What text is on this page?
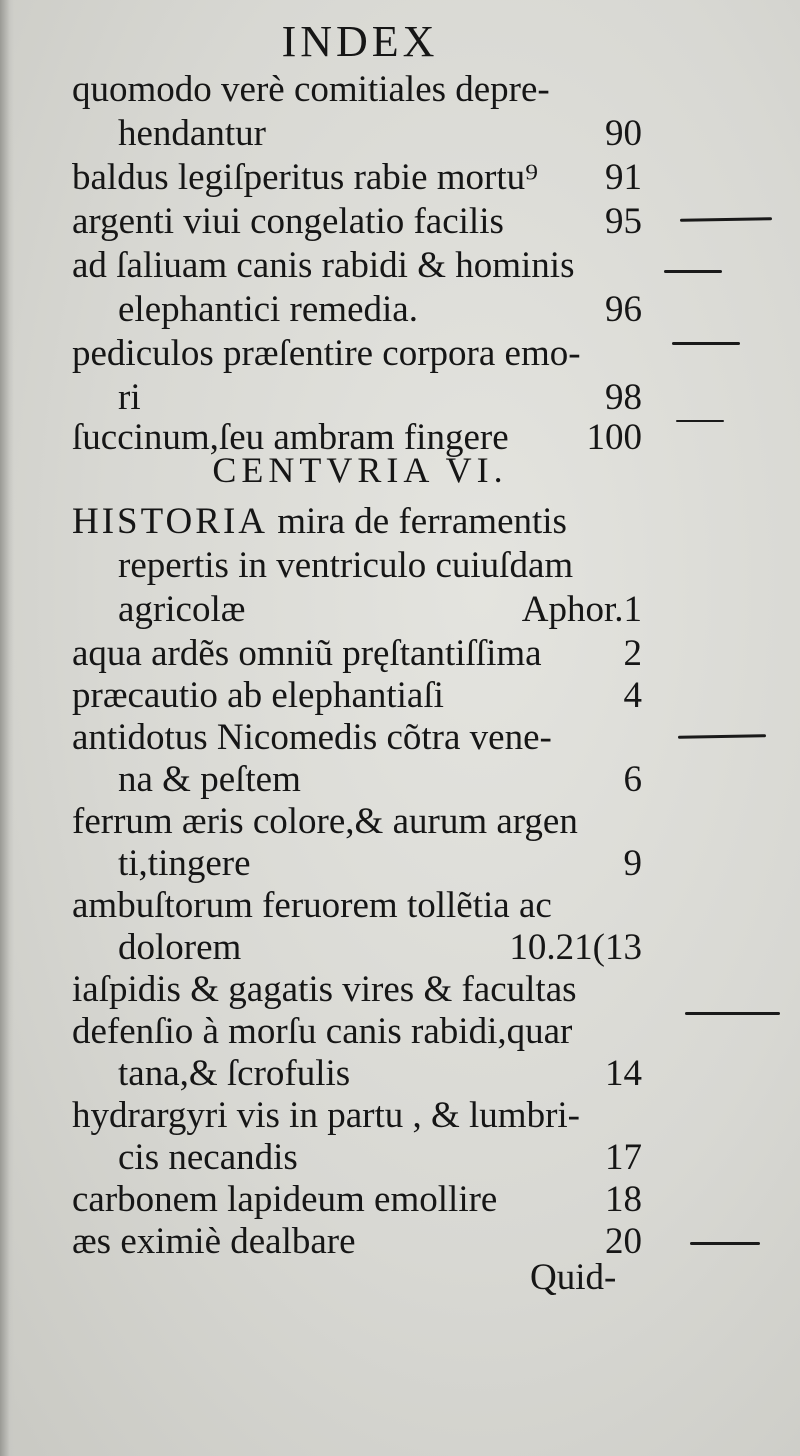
INDEX
quomodo verè comitiales depre-
hendantur	90
baldus legiſperitus rabie mortu⁹ 91
argenti viui congelatio facilis	95
ad ſaliuam canis rabidi & hominis
elephantici remedia.	96
pediculos præſentire corpora emo-
ri	98
ſuccinum,ſeu ambram fingere 100
CENTVRIA VI.
HISTORIA mira de ferramentis
repertis in ventriculo cuiuſdam
agricolæ	Aphor.1
aqua ardẽs omniũ pręſtantiſſima 2
præcautio ab elephantiaſi	4
antidotus Nicomedis cõtra vene-
na & peſtem	6
ferrum æris colore,& aurum argen
ti,tingere	9
ambuſtorum feruorem tollẽtia ac
dolorem	10.21(13
iaſpidis & gagatis vires & facultas
defenſio à morſu canis rabidi,quar
tana,& ſcrofulis	14
hydrargyri vis in partu , & lumbri-
cis necandis	17
carbonem lapideum emollire	18
æs eximiè dealbare	20
Quid-
